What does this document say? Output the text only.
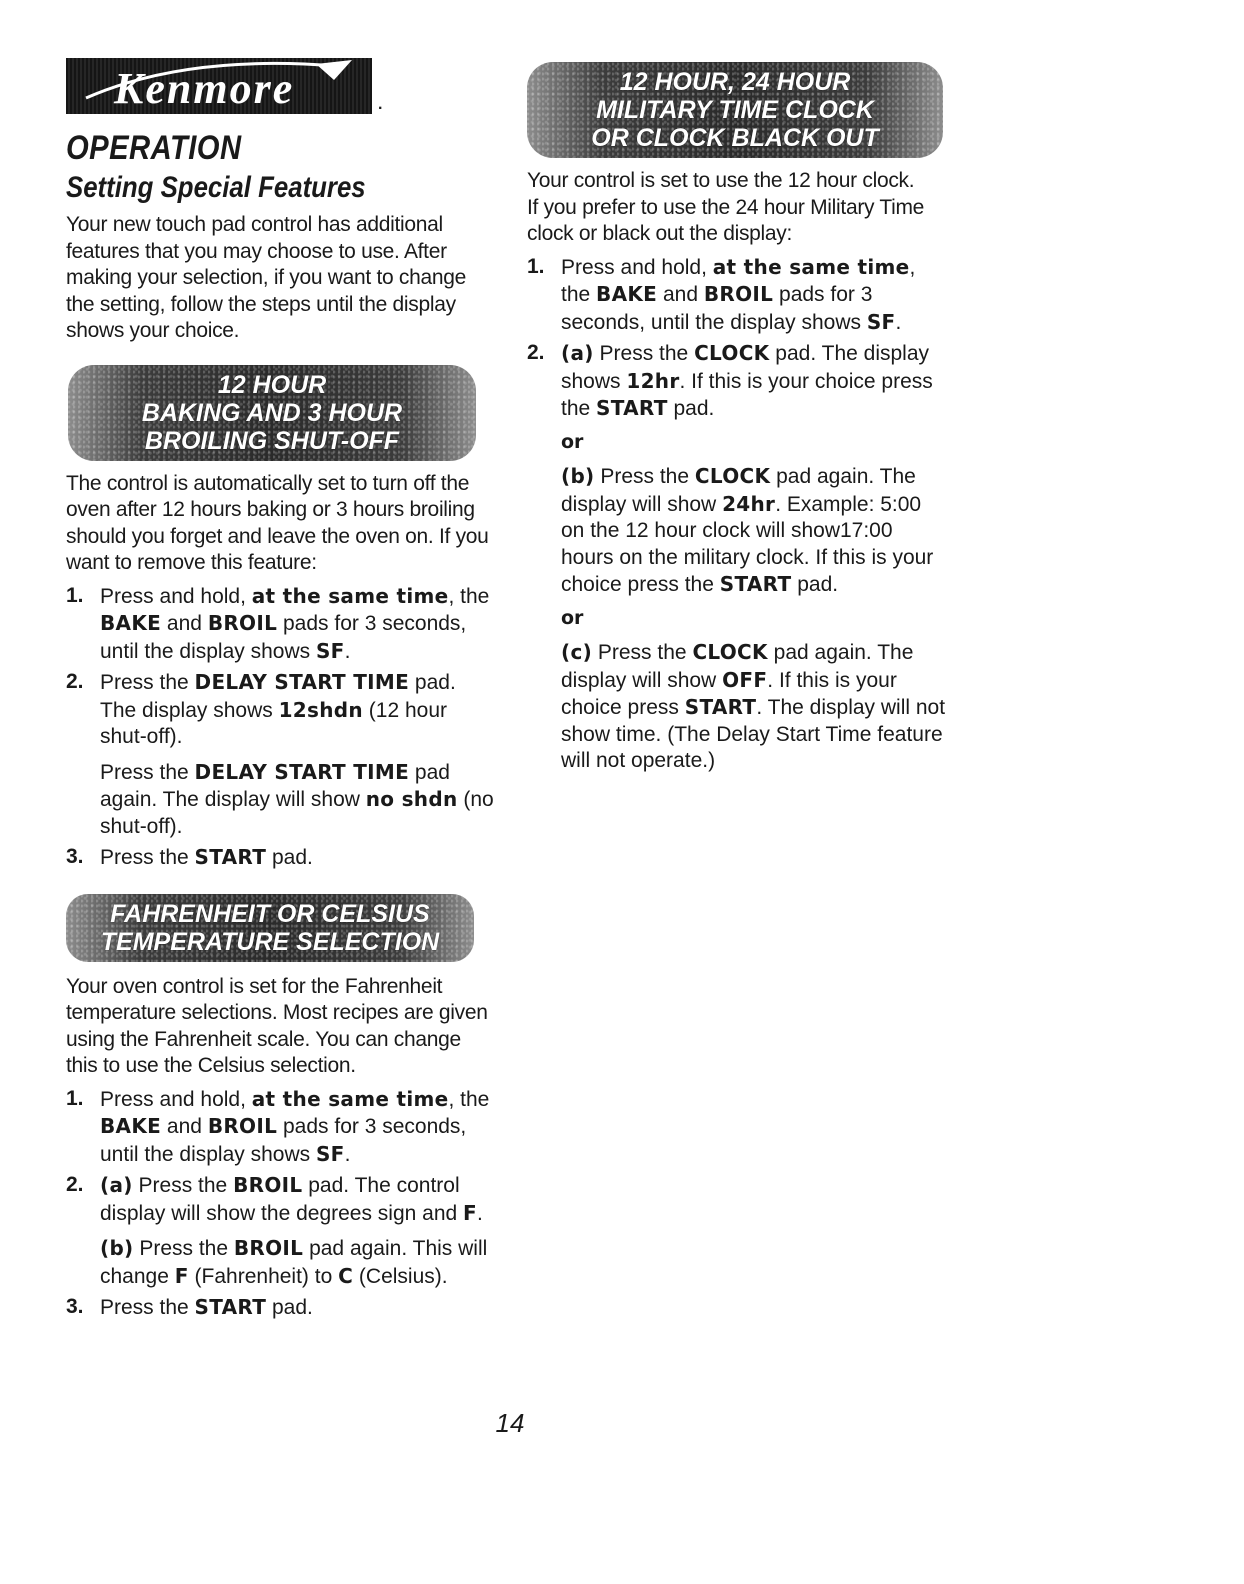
Kenmore	.
OPERATION
Setting Special Features

Your new touch pad control has additional features that you may choose to use. After making your selection, if you want to change the setting, follow the steps until the display shows your choice.

12 HOUR
BAKING AND 3 HOUR
BROILING SHUT-OFF

The control is automatically set to turn off the oven after 12 hours baking or 3 hours broiling should you forget and leave the oven on. If you want to remove this feature:

1. Press and hold, at the same time, the BAKE and BROIL pads for 3 seconds, until the display shows SF.

2. Press the DELAY START TIME pad. The display shows 12shdn (12 hour shut-off).

Press the DELAY START TIME pad again. The display will show no shdn (no shut-off).

3. Press the START pad.

FAHRENHEIT OR CELSIUS
TEMPERATURE SELECTION

Your oven control is set for the Fahrenheit temperature selections. Most recipes are given using the Fahrenheit scale. You can change this to use the Celsius selection.

1. Press and hold, at the same time, the BAKE and BROIL pads for 3 seconds, until the display shows SF.

2. (a) Press the BROIL pad. The control display will show the degrees sign and F.

(b) Press the BROIL pad again. This will change F (Fahrenheit) to C (Celsius).

3. Press the START pad.

12 HOUR, 24 HOUR
MILITARY TIME CLOCK
OR CLOCK BLACK OUT

Your control is set to use the 12 hour clock. If you prefer to use the 24 hour Military Time clock or black out the display:

1. Press and hold, at the same time, the BAKE and BROIL pads for 3 seconds, until the display shows SF.

2. (a) Press the CLOCK pad. The display shows 12hr. If this is your choice press the START pad.

or

(b) Press the CLOCK pad again. The display will show 24hr. Example: 5:00 on the 12 hour clock will show17:00 hours on the military clock. If this is your choice press the START pad.

or

(c) Press the CLOCK pad again. The display will show OFF. If this is your choice press START. The display will not show time. (The Delay Start Time feature will not operate.)

14
